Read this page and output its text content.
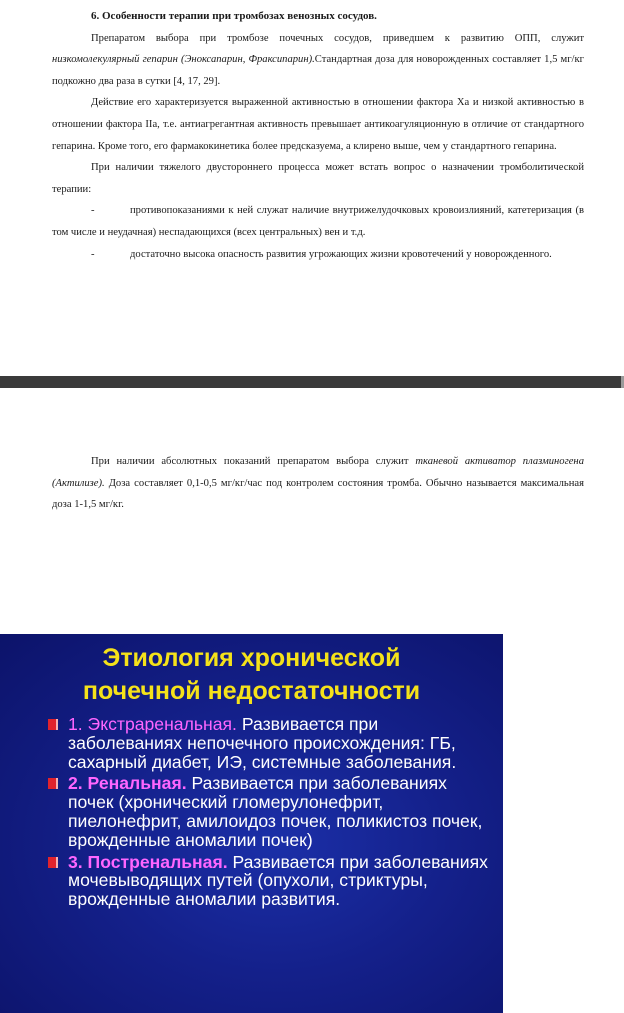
6. Особенности терапии при тромбозах венозных сосудов.

Препаратом выбора при тромбозе почечных сосудов, приведшем к развитию ОПП, служит низкомолекулярный гепарин (Эноксапарин, Фраксипарин).Стандартная доза для новорожденных составляет 1,5 мг/кг подкожно два раза в сутки [4, 17, 29].

Действие его характеризуется выраженной активностью в отношении фактора Ха и низкой активностью в отношении фактора IIa, т.е. антиагрегантная активность превышает антикоагуляционную в отличие от стандартного гепарина. Кроме того, его фармакокинетика более предсказуема, а клирено выше, чем у стандартного гепарина.

При наличии тяжелого двустороннего процесса может встать вопрос о назначении тромболитической терапии:

-	противопоказаниями к ней служат наличие внутрижелудочковых кровоизлияний, катетеризация (в том числе и неудачная) неспадающихся (всех центральных) вен и т.д.

-	достаточно высока опасность развития угрожающих жизни кровотечений у новорожденного.

При наличии абсолютных показаний препаратом выбора служит тканевой активатор плазминогена (Актилизе). Доза составляет 0,1-0,5 мг/кг/час под контролем состояния тромба. Обычно называется максимальная доза 1-1,5 мг/кг.

Этиология хронической
почечной недостаточности
1. Экстраренальная. Развивается при заболеваниях непочечного происхождения: ГБ, сахарный диабет, ИЭ, системные заболевания.
2. Ренальная. Развивается при заболеваниях почек (хронический гломерулонефрит, пиелонефрит, амилоидоз почек, поликистоз почек, врожденные аномалии почек)
3. Постренальная. Развивается при заболеваниях мочевыводящих путей (опухоли, стриктуры, врожденные аномалии развития.
